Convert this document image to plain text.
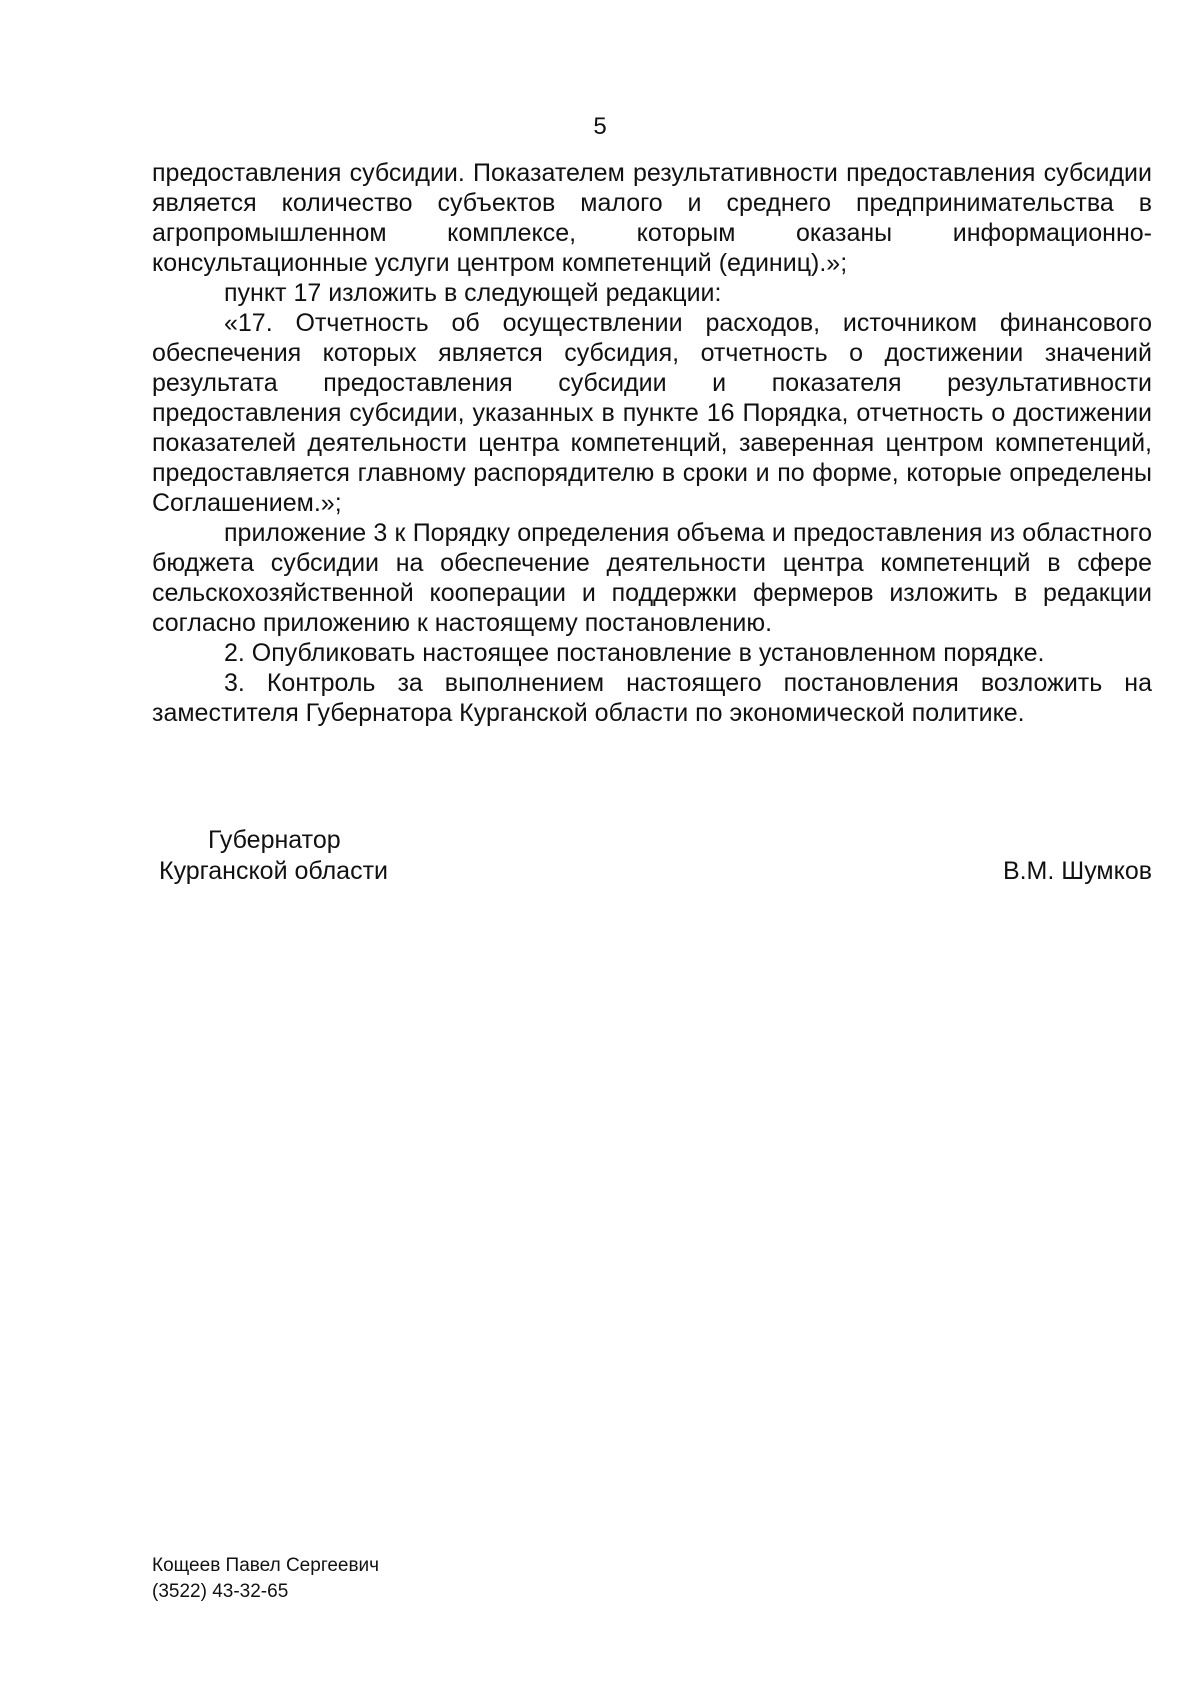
5

предоставления субсидии. Показателем результативности предоставления субсидии является количество субъектов малого и среднего предпринимательства в агропромышленном комплексе, которым оказаны информационно-консультационные услуги центром компетенций (единиц).»;

пункт 17 изложить в следующей редакции:

«17. Отчетность об осуществлении расходов, источником финансового обеспечения которых является субсидия, отчетность о достижении значений результата предоставления субсидии и показателя результативности предоставления субсидии, указанных в пункте 16 Порядка, отчетность о достижении показателей деятельности центра компетенций, заверенная центром компетенций, предоставляется главному распорядителю в сроки и по форме, которые определены Соглашением.»;

приложение 3 к Порядку определения объема и предоставления из областного бюджета субсидии на обеспечение деятельности центра компетенций в сфере сельскохозяйственной кооперации и поддержки фермеров изложить в редакции согласно приложению к настоящему постановлению.

2. Опубликовать настоящее постановление в установленном порядке.

3. Контроль за выполнением настоящего постановления возложить на заместителя Губернатора Курганской области по экономической политике.

Губернатор
Курганской области	В.М. Шумков
Кощеев Павел Сергеевич
(3522) 43-32-65
